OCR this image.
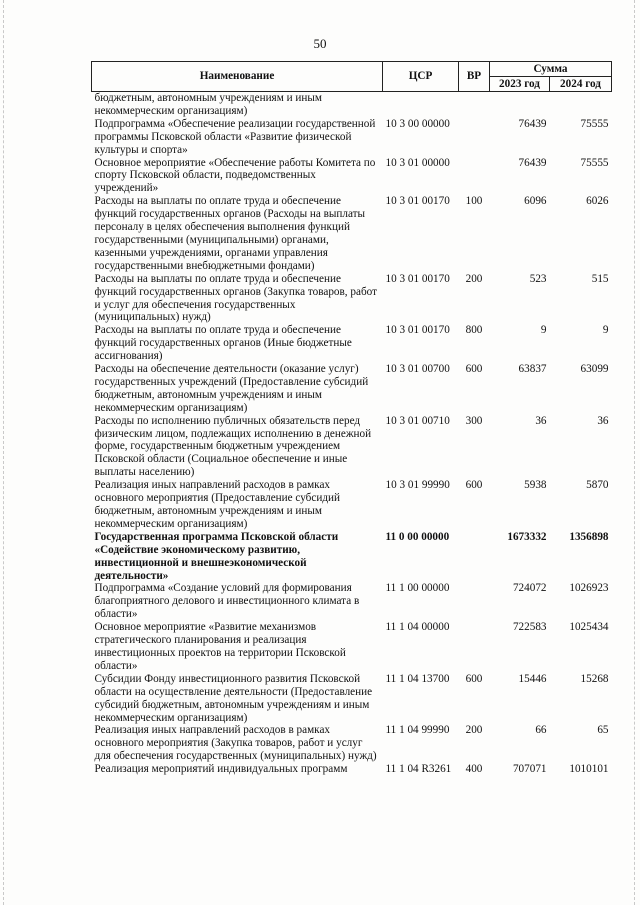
50
Наименование	ЦСР	ВР	Сумма	
			2023 год	2024 год
бюджетным, автономным учреждениям и иным некоммерческим организациям)				
Подпрограмма «Обеспечение реализации государственной программы Псковской области «Развитие физической культуры и спорта»	10 3 00 00000		76439	75555
Основное мероприятие «Обеспечение работы Комитета по спорту Псковской области, подведомственных учреждений»	10 3 01 00000		76439	75555
Расходы на выплаты по оплате труда и обеспечение функций государственных органов (Расходы на выплаты персоналу в целях обеспечения выполнения функций государственными (муниципальными) органами, казенными учреждениями, органами управления государственными внебюджетными фондами)	10 3 01 00170	100	6096	6026
Расходы на выплаты по оплате труда и обеспечение функций государственных органов (Закупка товаров, работ и услуг для обеспечения государственных (муниципальных) нужд)	10 3 01 00170	200	523	515
Расходы на выплаты по оплате труда и обеспечение функций государственных органов (Иные бюджетные ассигнования)	10 3 01 00170	800	9	9
Расходы на обеспечение деятельности (оказание услуг) государственных учреждений (Предоставление субсидий бюджетным, автономным учреждениям и иным некоммерческим организациям)	10 3 01 00700	600	63837	63099
Расходы по исполнению публичных обязательств перед физическим лицом, подлежащих исполнению в денежной форме, государственным бюджетным учреждением Псковской области (Социальное обеспечение и иные выплаты населению)	10 3 01 00710	300	36	36
Реализация иных направлений расходов в рамках основного мероприятия (Предоставление субсидий бюджетным, автономным учреждениям и иным некоммерческим организациям)	10 3 01 99990	600	5938	5870
Государственная программа Псковской области «Содействие экономическому развитию, инвестиционной и внешнеэкономической деятельности»	11 0 00 00000		1673332	1356898
Подпрограмма «Создание условий для формирования благоприятного делового и инвестиционного климата в области»	11 1 00 00000		724072	1026923
Основное мероприятие «Развитие механизмов стратегического планирования и реализация инвестиционных проектов на территории Псковской области»	11 1 04 00000		722583	1025434
Субсидии Фонду инвестиционного развития Псковской области на осуществление деятельности (Предоставление субсидий бюджетным, автономным учреждениям и иным некоммерческим организациям)	11 1 04 13700	600	15446	15268
Реализация иных направлений расходов в рамках основного мероприятия (Закупка товаров, работ и услуг для обеспечения государственных (муниципальных) нужд)	11 1 04 99990	200	66	65
Реализация мероприятий индивидуальных программ	11 1 04 R3261	400	707071	1010101
